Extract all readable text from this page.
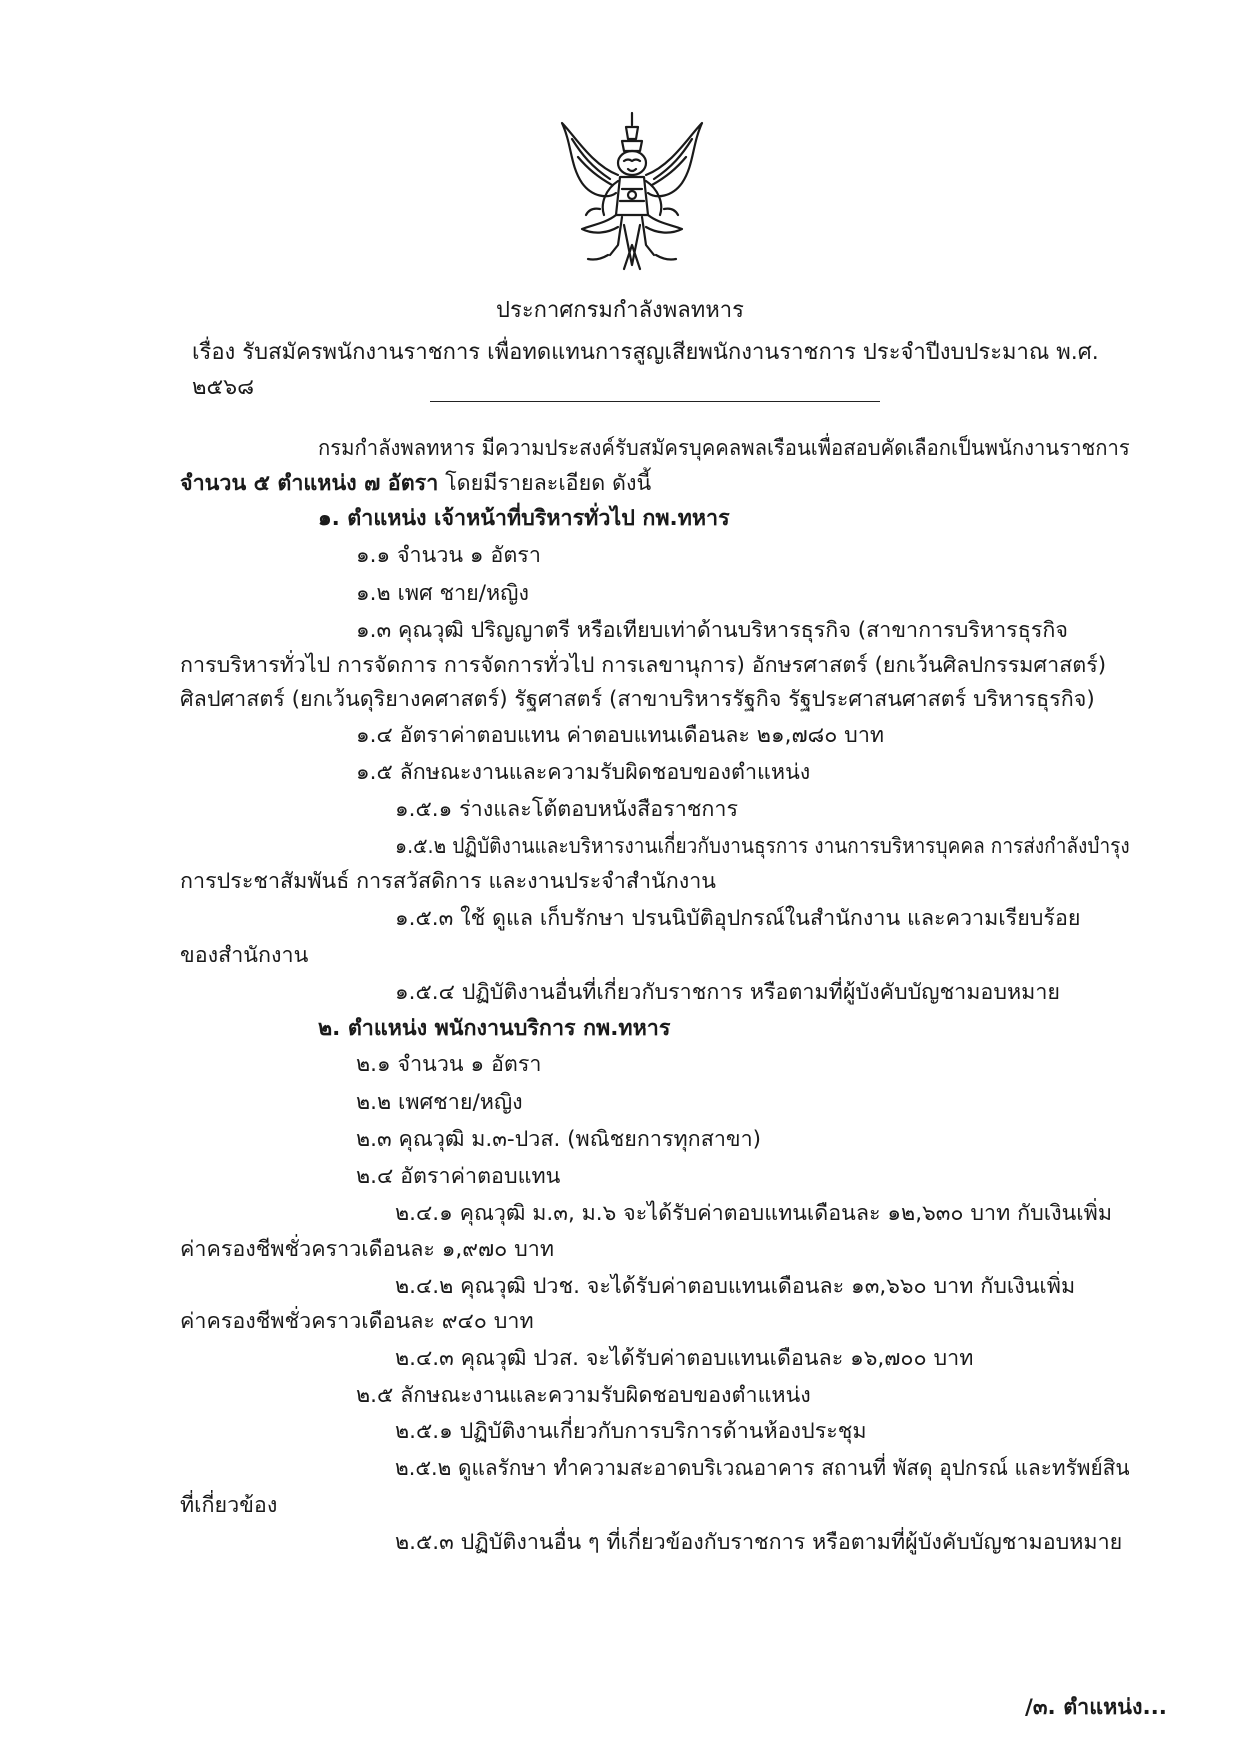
ประกาศกรมกำลังพลทหาร
เรื่อง รับสมัครพนักงานราชการ เพื่อทดแทนการสูญเสียพนักงานราชการ ประจำปีงบประมาณ พ.ศ. ๒๕๖๘
กรมกำลังพลทหาร มีความประสงค์รับสมัครบุคคลพลเรือนเพื่อสอบคัดเลือกเป็นพนักงานราชการ
จำนวน ๕ ตำแหน่ง ๗ อัตรา โดยมีรายละเอียด ดังนี้
๑. ตำแหน่ง เจ้าหน้าที่บริหารทั่วไป กพ.ทหาร
๑.๑ จำนวน ๑ อัตรา
๑.๒ เพศ ชาย/หญิง
๑.๓ คุณวุฒิ ปริญญาตรี หรือเทียบเท่าด้านบริหารธุรกิจ (สาขาการบริหารธุรกิจ
การบริหารทั่วไป การจัดการ การจัดการทั่วไป การเลขานุการ) อักษรศาสตร์ (ยกเว้นศิลปกรรมศาสตร์)
ศิลปศาสตร์ (ยกเว้นดุริยางคศาสตร์) รัฐศาสตร์ (สาขาบริหารรัฐกิจ รัฐประศาสนศาสตร์ บริหารธุรกิจ)
๑.๔ อัตราค่าตอบแทน ค่าตอบแทนเดือนละ ๒๑,๗๘๐ บาท
๑.๕ ลักษณะงานและความรับผิดชอบของตำแหน่ง
๑.๕.๑ ร่างและโต้ตอบหนังสือราชการ
๑.๕.๒ ปฏิบัติงานและบริหารงานเกี่ยวกับงานธุรการ งานการบริหารบุคคล การส่งกำลังบำรุง
การประชาสัมพันธ์ การสวัสดิการ และงานประจำสำนักงาน
๑.๕.๓ ใช้ ดูแล เก็บรักษา ปรนนิบัติอุปกรณ์ในสำนักงาน และความเรียบร้อย
ของสำนักงาน
๑.๕.๔ ปฏิบัติงานอื่นที่เกี่ยวกับราชการ หรือตามที่ผู้บังคับบัญชามอบหมาย
๒. ตำแหน่ง พนักงานบริการ กพ.ทหาร
๒.๑ จำนวน ๑ อัตรา
๒.๒ เพศชาย/หญิง
๒.๓ คุณวุฒิ ม.๓-ปวส. (พณิชยการทุกสาขา)
๒.๔ อัตราค่าตอบแทน
๒.๔.๑ คุณวุฒิ ม.๓, ม.๖ จะได้รับค่าตอบแทนเดือนละ ๑๒,๖๓๐ บาท กับเงินเพิ่ม
ค่าครองชีพชั่วคราวเดือนละ ๑,๙๗๐ บาท
๒.๔.๒ คุณวุฒิ ปวช. จะได้รับค่าตอบแทนเดือนละ ๑๓,๖๖๐ บาท กับเงินเพิ่ม
ค่าครองชีพชั่วคราวเดือนละ ๙๔๐ บาท
๒.๔.๓ คุณวุฒิ ปวส. จะได้รับค่าตอบแทนเดือนละ ๑๖,๗๐๐ บาท
๒.๕ ลักษณะงานและความรับผิดชอบของตำแหน่ง
๒.๕.๑ ปฏิบัติงานเกี่ยวกับการบริการด้านห้องประชุม
๒.๕.๒ ดูแลรักษา ทำความสะอาดบริเวณอาคาร สถานที่ พัสดุ อุปกรณ์ และทรัพย์สิน
ที่เกี่ยวข้อง
๒.๕.๓ ปฏิบัติงานอื่น ๆ ที่เกี่ยวข้องกับราชการ หรือตามที่ผู้บังคับบัญชามอบหมาย
/๓. ตำแหน่ง...
